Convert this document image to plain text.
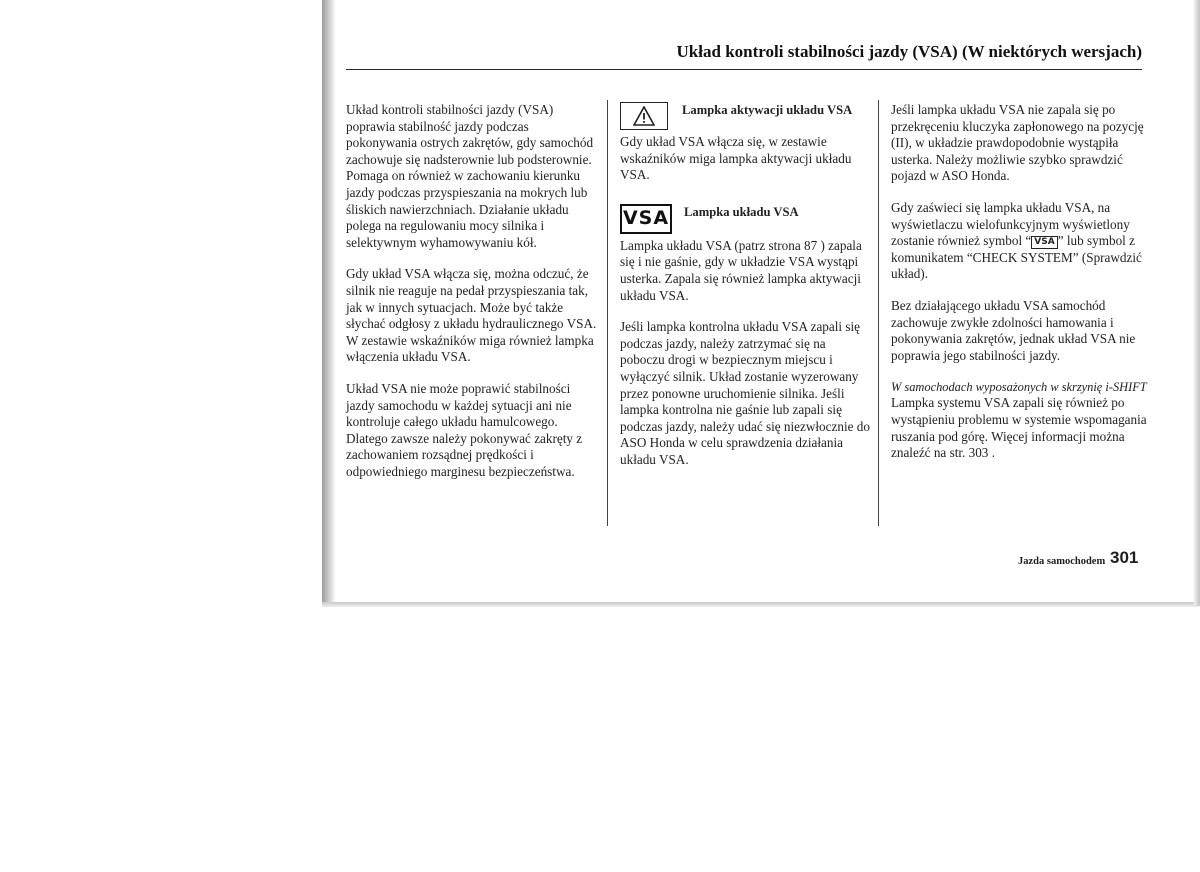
Układ kontroli stabilności jazdy (VSA) (W niektórych wersjach)

Układ kontroli stabilności jazdy (VSA) poprawia stabilność jazdy podczas pokonywania ostrych zakrętów, gdy samochód zachowuje się nadsterownie lub podsterownie. Pomaga on również w zachowaniu kierunku jazdy podczas przyspieszania na mokrych lub śliskich nawierzchniach. Działanie układu polega na regulowaniu mocy silnika i selektywnym wyhamowywaniu kół.

Gdy układ VSA włącza się, można odczuć, że silnik nie reaguje na pedał przyspieszania tak, jak w innych sytuacjach. Może być także słychać odgłosy z układu hydraulicznego VSA. W zestawie wskaźników miga również lampka włączenia układu VSA.

Układ VSA nie może poprawić stabilności jazdy samochodu w każdej sytuacji ani nie kontroluje całego układu hamulcowego. Dlatego zawsze należy pokonywać zakręty z zachowaniem rozsądnej prędkości i odpowiedniego marginesu bezpieczeństwa.

Lampka aktywacji układu VSA

Gdy układ VSA włącza się, w zestawie wskaźników miga lampka aktywacji układu VSA.

VSA Lampka układu VSA

Lampka układu VSA (patrz strona 87 ) zapala się i nie gaśnie, gdy w układzie VSA wystąpi usterka. Zapala się również lampka aktywacji układu VSA.

Jeśli lampka kontrolna układu VSA zapali się podczas jazdy, należy zatrzymać się na poboczu drogi w bezpiecznym miejscu i wyłączyć silnik. Układ zostanie wyzerowany przez ponowne uruchomienie silnika. Jeśli lampka kontrolna nie gaśnie lub zapali się podczas jazdy, należy udać się niezwłocznie do ASO Honda w celu sprawdzenia działania układu VSA.

Jeśli lampka układu VSA nie zapala się po przekręceniu kluczyka zapłonowego na pozycję (II), w układzie prawdopodobnie wystąpiła usterka. Należy możliwie szybko sprawdzić pojazd w ASO Honda.

Gdy zaświeci się lampka układu VSA, na wyświetlaczu wielofunkcyjnym wyświetlony zostanie również symbol “ VSA ” lub symbol z komunikatem “CHECK SYSTEM” (Sprawdzić układ).

Bez działającego układu VSA samochód zachowuje zwykłe zdolności hamowania i pokonywania zakrętów, jednak układ VSA nie poprawia jego stabilności jazdy.

W samochodach wyposażonych w skrzynię i-SHIFT

Lampka systemu VSA zapali się również po wystąpieniu problemu w systemie wspomagania ruszania pod górę. Więcej informacji można znaleźć na str. 303 .

Jazda samochodem 301
